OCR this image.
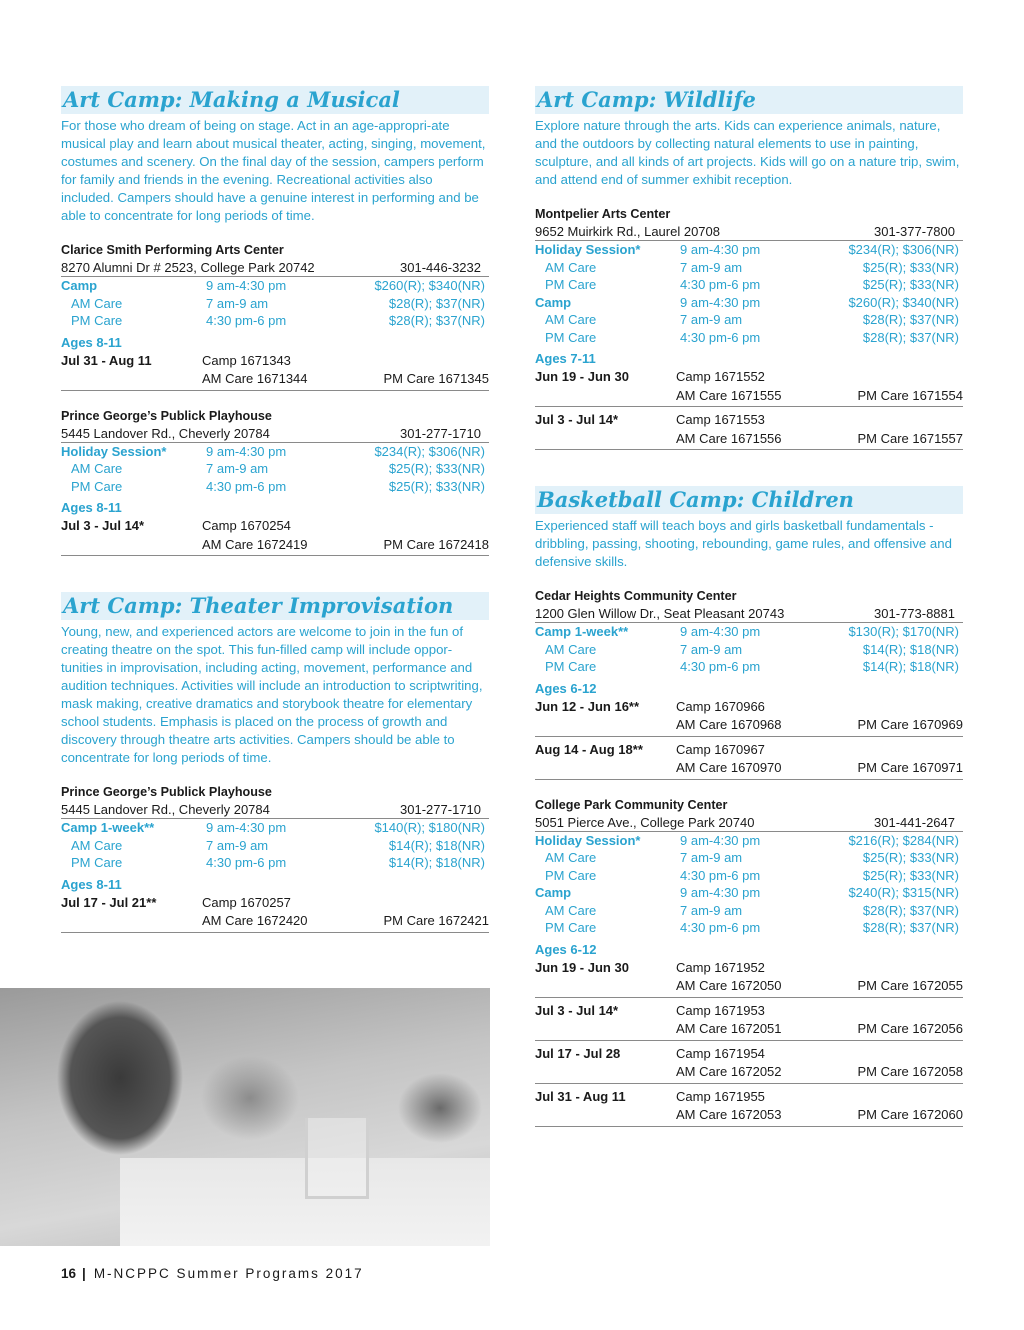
Art Camp: Making a Musical
For those who dream of being on stage. Act in an age-appropri-ate musical play and learn about musical theater, acting, singing, movement, costumes and scenery. On the final day of the session, campers perform for family and friends in the evening. Recreational activities also included. Campers should have a genuine interest in performing and be able to concentrate for long periods of time.
Clarice Smith Performing Arts Center
8270 Alumni Dr # 2523, College Park 20742	301-446-3232
Camp	9 am-4:30 pm	$260(R); $340(NR)
AM Care	7 am-9 am	$28(R); $37(NR)
PM Care	4:30 pm-6 pm	$28(R); $37(NR)
Ages 8-11
Jul 31 - Aug 11	Camp 1671343
AM Care 1671344	PM Care 1671345
Prince George’s Publick Playhouse
5445 Landover Rd., Cheverly 20784	301-277-1710
Holiday Session*	9 am-4:30 pm	$234(R); $306(NR)
AM Care	7 am-9 am	$25(R); $33(NR)
PM Care	4:30 pm-6 pm	$25(R); $33(NR)
Ages 8-11
Jul 3 - Jul 14*	Camp 1670254
AM Care 1672419	PM Care 1672418
Art Camp: Theater Improvisation
Young, new, and experienced actors are welcome to join in the fun of creating theatre on the spot. This fun-filled camp will include oppor-tunities in improvisation, including acting, movement, performance and audition techniques. Activities will include an introduction to scriptwriting, mask making, creative dramatics and storybook theatre for elementary school students. Emphasis is placed on the process of growth and discovery through theatre arts activities. Campers should be able to concentrate for long periods of time.
Prince George’s Publick Playhouse
5445 Landover Rd., Cheverly 20784	301-277-1710
Camp 1-week**	9 am-4:30 pm	$140(R); $180(NR)
AM Care	7 am-9 am	$14(R); $18(NR)
PM Care	4:30 pm-6 pm	$14(R); $18(NR)
Ages 8-11
Jul 17 - Jul 21**	Camp 1670257
AM Care 1672420	PM Care 1672421
Art Camp: Wildlife
Explore nature through the arts. Kids can experience animals, nature, and the outdoors by collecting natural elements to use in painting, sculpture, and all kinds of art projects. Kids will go on a nature trip, swim, and attend end of summer exhibit reception.
Montpelier Arts Center
9652 Muirkirk Rd., Laurel 20708	301-377-7800
Holiday Session*	9 am-4:30 pm	$234(R); $306(NR)
AM Care	7 am-9 am	$25(R); $33(NR)
PM Care	4:30 pm-6 pm	$25(R); $33(NR)
Camp	9 am-4:30 pm	$260(R); $340(NR)
AM Care	7 am-9 am	$28(R); $37(NR)
PM Care	4:30 pm-6 pm	$28(R); $37(NR)
Ages 7-11
Jun 19 - Jun 30	Camp 1671552
AM Care 1671555	PM Care 1671554
Jul 3 - Jul 14*	Camp 1671553
AM Care 1671556	PM Care 1671557
Basketball Camp: Children
Experienced staff will teach boys and girls basketball fundamentals - dribbling, passing, shooting, rebounding, game rules, and offensive and defensive skills.
Cedar Heights Community Center
1200 Glen Willow Dr., Seat Pleasant 20743	301-773-8881
Camp 1-week**	9 am-4:30 pm	$130(R); $170(NR)
AM Care	7 am-9 am	$14(R); $18(NR)
PM Care	4:30 pm-6 pm	$14(R); $18(NR)
Ages 6-12
Jun 12 - Jun 16**	Camp 1670966
AM Care 1670968	PM Care 1670969
Aug 14 - Aug 18**	Camp 1670967
AM Care 1670970	PM Care 1670971
College Park Community Center
5051 Pierce Ave., College Park 20740	301-441-2647
Holiday Session*	9 am-4:30 pm	$216(R); $284(NR)
AM Care	7 am-9 am	$25(R); $33(NR)
PM Care	4:30 pm-6 pm	$25(R); $33(NR)
Camp	9 am-4:30 pm	$240(R); $315(NR)
AM Care	7 am-9 am	$28(R); $37(NR)
PM Care	4:30 pm-6 pm	$28(R); $37(NR)
Ages 6-12
Jun 19 - Jun 30	Camp 1671952
AM Care 1672050	PM Care 1672055
Jul 3 - Jul 14*	Camp 1671953
AM Care 1672051	PM Care 1672056
Jul 17 - Jul 28	Camp 1671954
AM Care 1672052	PM Care 1672058
Jul 31 - Aug 11	Camp 1671955
AM Care 1672053	PM Care 1672060
16 | M-NCPPC Summer Programs 2017
